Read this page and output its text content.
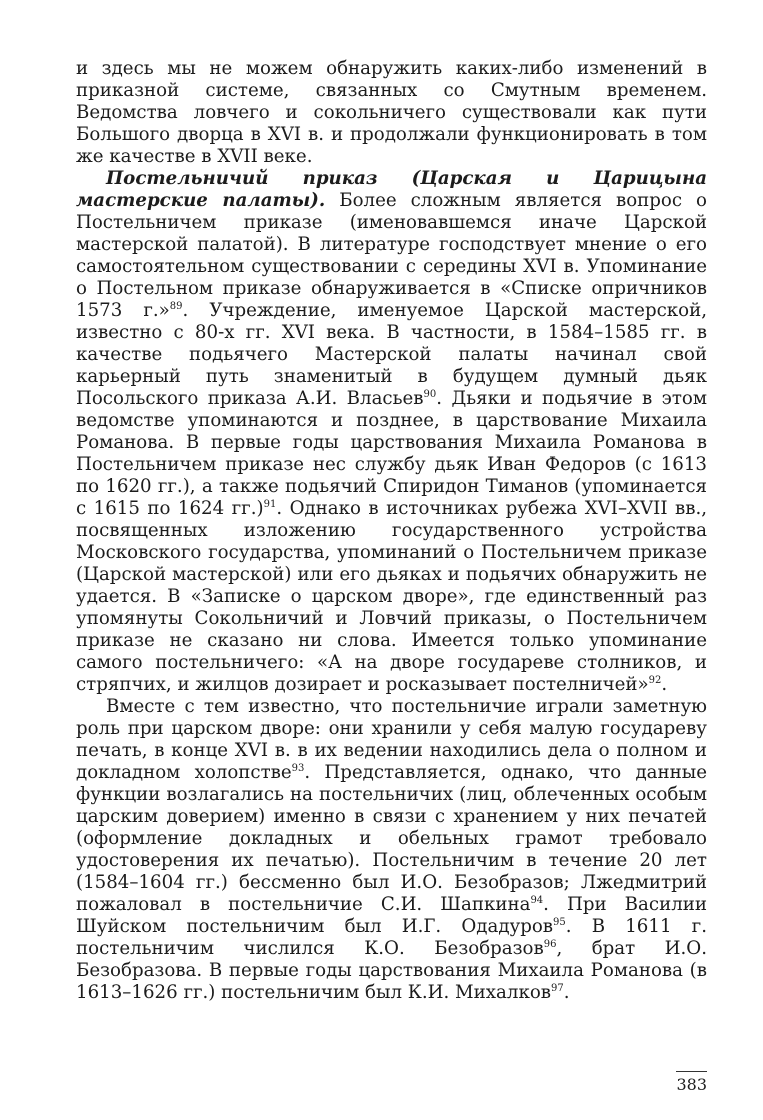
и здесь мы не можем обнаружить каких-либо изменений в приказной системе, связанных со Смутным временем. Ведомства ловчего и сокольничего существовали как пути Большого дворца в XVI в. и продолжали функционировать в том же качестве в XVII веке.

Постельничий приказ (Царская и Царицына мастерские палаты). Более сложным является вопрос о Постельничем приказе (именовавшемся иначе Царской мастерской палатой). В литературе господствует мнение о его самостоятельном существовании с середины XVI в. Упоминание о Постельном приказе обнаруживается в «Списке опричников 1573 г.»$^{89}$. Учреждение, именуемое Царской мастерской, известно с 80-х гг. XVI века. В частности, в 1584–1585 гг. в качестве подьячего Мастерской палаты начинал свой карьерный путь знаменитый в будущем думный дьяк Посольского приказа А.И. Власьев$^{90}$. Дьяки и подьячие в этом ведомстве упоминаются и позднее, в царствование Михаила Романова. В первые годы царствования Михаила Романова в Постельничем приказе нес службу дьяк Иван Федоров (с 1613 по 1620 гг.), а также подьячий Спиридон Тиманов (упоминается с 1615 по 1624 гг.)$^{91}$. Однако в источниках рубежа XVI–XVII вв., посвященных изложению государственного устройства Московского государства, упоминаний о Постельничем приказе (Царской мастерской) или его дьяках и подьячих обнаружить не удается. В «Записке о царском дворе», где единственный раз упомянуты Сокольничий и Ловчий приказы, о Постельничем приказе не сказано ни слова. Имеется только упоминание самого постельничего: «А на дворе государеве столников, и стряпчих, и жилцов дозирает и росказывает постелничей»$^{92}$.

Вместе с тем известно, что постельничие играли заметную роль при царском дворе: они хранили у себя малую государеву печать, в конце XVI в. в их ведении находились дела о полном и докладном холопстве$^{93}$. Представляется, однако, что данные функции возлагались на постельничих (лиц, облеченных особым царским доверием) именно в связи с хранением у них печатей (оформление докладных и обельных грамот требовало удостоверения их печатью). Постельничим в течение 20 лет (1584–1604 гг.) бессменно был И.О. Безобразов; Лжедмитрий пожаловал в постельничие С.И. Шапкина$^{94}$. При Василии Шуйском постельничим был И.Г. Одадуров$^{95}$. В 1611 г. постельничим числился К.О. Безобразов$^{96}$, брат И.О. Безобразова. В первые годы царствования Михаила Романова (в 1613–1626 гг.) постельничим был К.И. Михалков$^{97}$.

383
